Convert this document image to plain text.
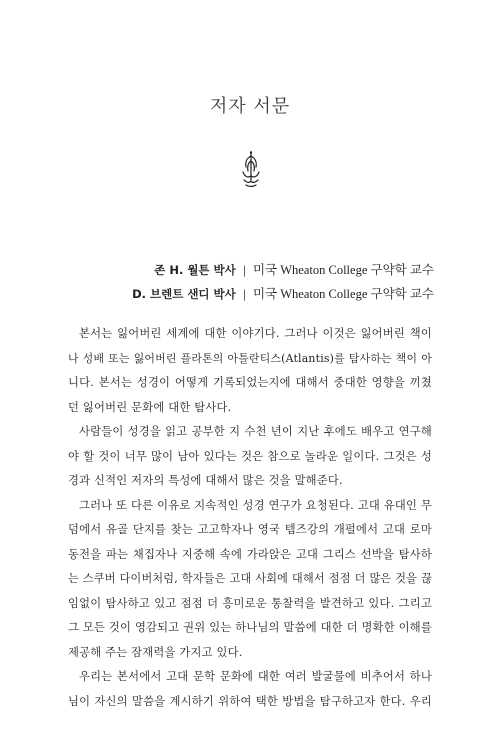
저자 서문
존 H. 월튼 박사 | 미국 Wheaton College 구약학 교수
D. 브렌트 샌디 박사 | 미국 Wheaton College 구약학 교수
본서는 잃어버린 세계에 대한 이야기다. 그러나 이것은 잃어버린 책이
나 성배 또는 잃어버린 플라톤의 아틀란티스(Atlantis)를 탐사하는 책이 아
니다. 본서는 성경이 어떻게 기록되었는지에 대해서 중대한 영향을 끼쳤
던 잃어버린 문화에 대한 탐사다.
사람들이 성경을 읽고 공부한 지 수천 년이 지난 후에도 배우고 연구해
야 할 것이 너무 많이 남아 있다는 것은 참으로 놀라운 일이다. 그것은 성
경과 신적인 저자의 특성에 대해서 많은 것을 말해준다.
그러나 또 다른 이유로 지속적인 성경 연구가 요청된다. 고대 유대인 무
덤에서 유골 단지를 찾는 고고학자나 영국 템즈강의 개펄에서 고대 로마
동전을 파는 채집자나 지중해 속에 가라앉은 고대 그리스 선박을 탐사하
는 스쿠버 다이버처럼, 학자들은 고대 사회에 대해서 점점 더 많은 것을 끊
임없이 탐사하고 있고 점점 더 흥미로운 통찰력을 발견하고 있다. 그리고
그 모든 것이 영감되고 권위 있는 하나님의 말씀에 대한 더 명확한 이해를
제공해 주는 잠재력을 가지고 있다.
우리는 본서에서 고대 문학 문화에 대한 여러 발굴물에 비추어서 하나
님이 자신의 말씀을 계시하기 위하여 택한 방법을 탐구하고자 한다. 우리
